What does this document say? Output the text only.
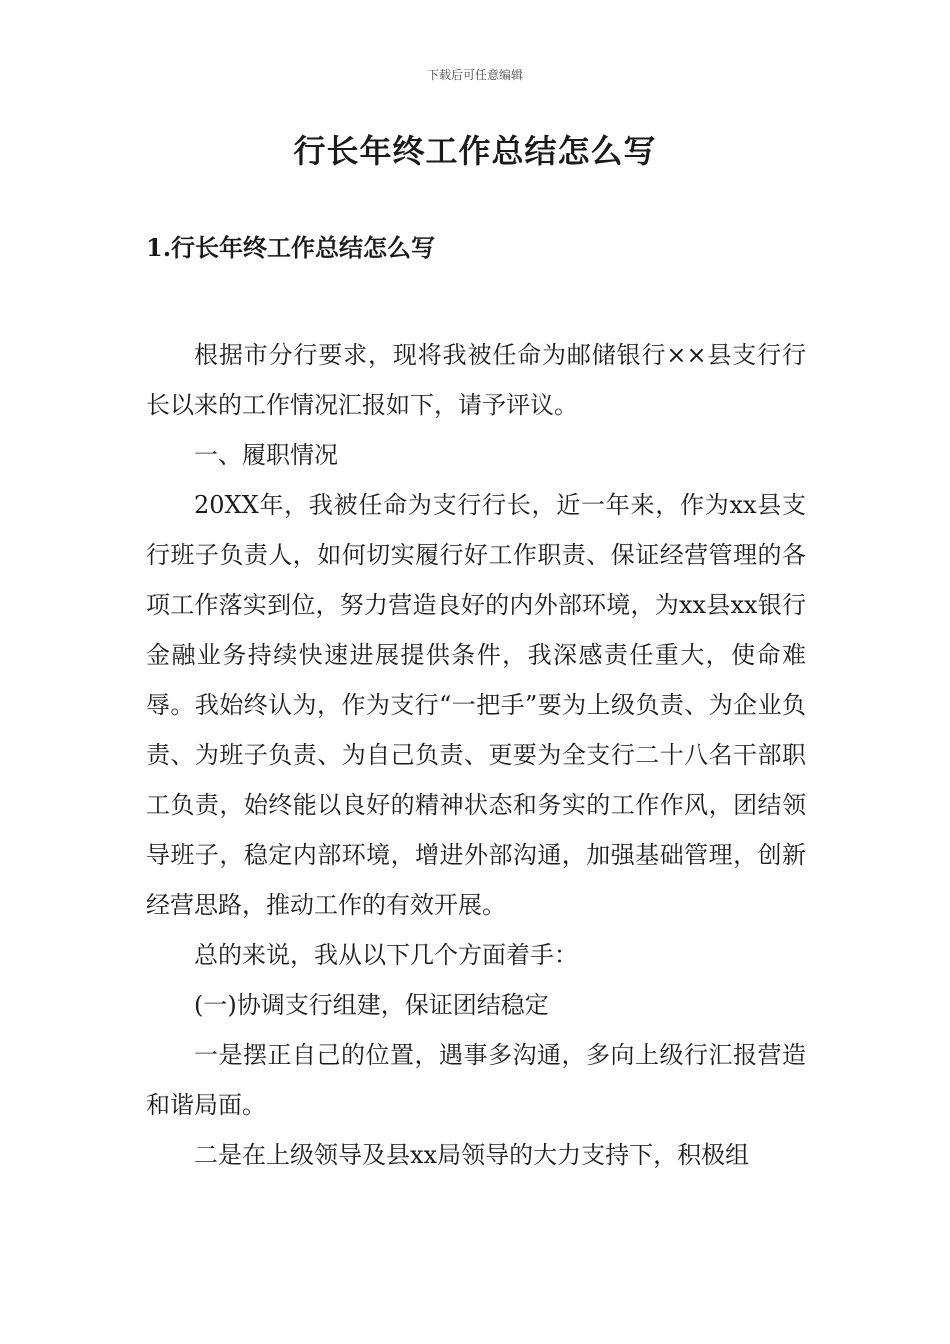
下载后可任意编辑
行长年终工作总结怎么写
1.行长年终工作总结怎么写

根据市分行要求，现将我被任命为邮储银行××县支行行长以来的工作情况汇报如下，请予评议。

一、履职情况

20XX年，我被任命为支行行长，近一年来，作为xx县支行班子负责人，如何切实履行好工作职责、保证经营管理的各项工作落实到位，努力营造良好的内外部环境，为xx县xx银行金融业务持续快速进展提供条件，我深感责任重大，使命难辱。我始终认为，作为支行“一把手”要为上级负责、为企业负责、为班子负责、为自己负责、更要为全支行二十八名干部职工负责，始终能以良好的精神状态和务实的工作作风，团结领导班子，稳定内部环境，增进外部沟通，加强基础管理，创新经营思路，推动工作的有效开展。

总的来说，我从以下几个方面着手：

(一)协调支行组建，保证团结稳定

一是摆正自己的位置，遇事多沟通，多向上级行汇报营造和谐局面。

二是在上级领导及县xx局领导的大力支持下，积极组
